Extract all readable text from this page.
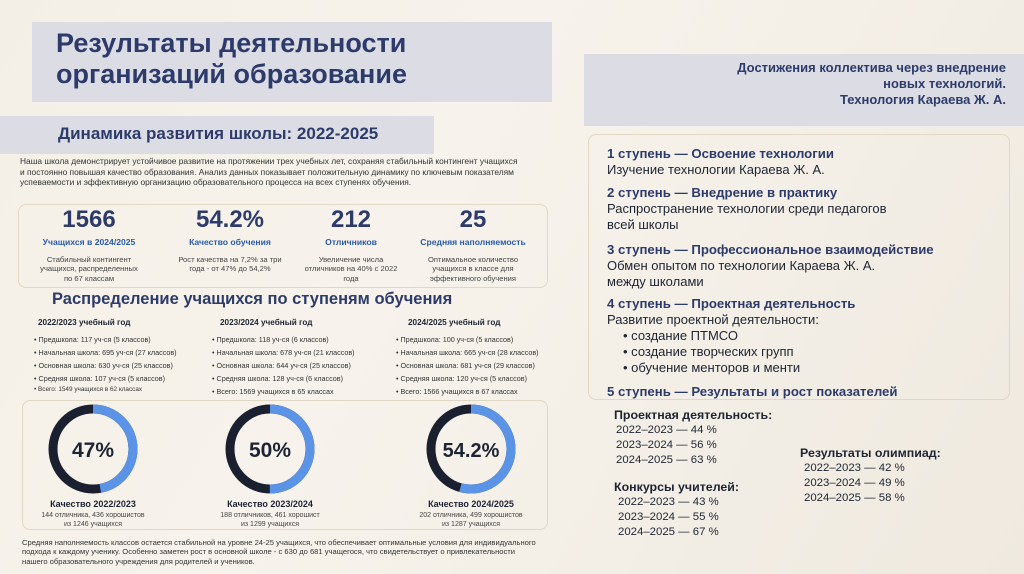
Результаты деятельности
организаций образование
Динамика развития школы: 2022-2025
Наша школа демонстрирует устойчивое развитие на протяжении трех учебных лет, сохраняя стабильный контингент учащихся и постоянно повышая качество образования. Анализ данных показывает положительную динамику по ключевым показателям успеваемости и эффективную организацию образовательного процесса на всех ступенях обучения.
1566
Учащихся в 2024/2025
Стабильный контингент учащихся, распределенных по 67 классам
54.2%
Качество обучения
Рост качества на 7,2% за три года - от 47% до 54,2%
212
Отличников
Увеличение числа отличников на 40% с 2022 года
25
Средняя наполняемость
Оптимальное количество учащихся в классе для эффективного обучения
Распределение учащихся по ступеням обучения
2022/2023 учебный год
• Предшкола: 117 уч-ся (5 классов)
• Начальная школа: 695 уч-ся (27 классов)
• Основная школа: 630 уч-ся (25 классов)
• Средняя школа: 107 уч-ся (5 классов)
• Всего: 1549 учащихся в 62 классах
2023/2024 учебный год
• Предшкола: 118 уч-ся (6 классов)
• Начальная школа: 678 уч-ся (21 классов)
• Основная школа: 644 уч-ся (25 классов)
• Средняя школа: 128 уч-ся (6 классов)
• Всего: 1569 учащихся в 65 классах
2024/2025 учебный год
• Предшкола: 100 уч-ся (5 классов)
• Начальная школа: 665 уч-ся (28 классов)
• Основная школа: 681 уч-ся (29 классов)
• Средняя школа: 120 уч-ся (5 классов)
• Всего: 1566 учащихся в 67 классах
47%
Качество 2022/2023
144 отличника, 436 хорошистов из 1246 учащихся
50%
Качество 2023/2024
188 отличников, 461 хорошист из 1299 учащихся
54.2%
Качество 2024/2025
202 отличника, 499 хорошистов из 1287 учащихся
Средняя наполняемость классов остается стабильной на уровне 24-25 учащихся, что обеспечивает оптимальные условия для индивидуального подхода к каждому ученику. Особенно заметен рост в основной школе - с 630 до 681 учащегося, что свидетельствует о привлекательности нашего образовательного учреждения для родителей и учеников.
Достижения коллектива через внедрение
новых технологий.
Технология Караева Ж. А.
1 ступень — Освоение технологии
Изучение технологии Караева Ж. А.
2 ступень — Внедрение в практику
Распространение технологии среди педагогов
всей школы
3 ступень — Профессиональное взаимодействие
Обмен опытом по технологии Караева Ж. А.
между школами
4 ступень — Проектная деятельность
Развитие проектной деятельности:
• создание ПТМСО
• создание творческих групп
• обучение менторов и менти
5 ступень — Результаты и рост показателей
Проектная деятельность:
2022–2023 — 44 %
2023–2024 — 56 %
2024–2025 — 63 %
Конкурсы учителей:
2022–2023 — 43 %
2023–2024 — 55 %
2024–2025 — 67 %
Результаты олимпиад:
2022–2023 — 42 %
2023–2024 — 49 %
2024–2025 — 58 %
